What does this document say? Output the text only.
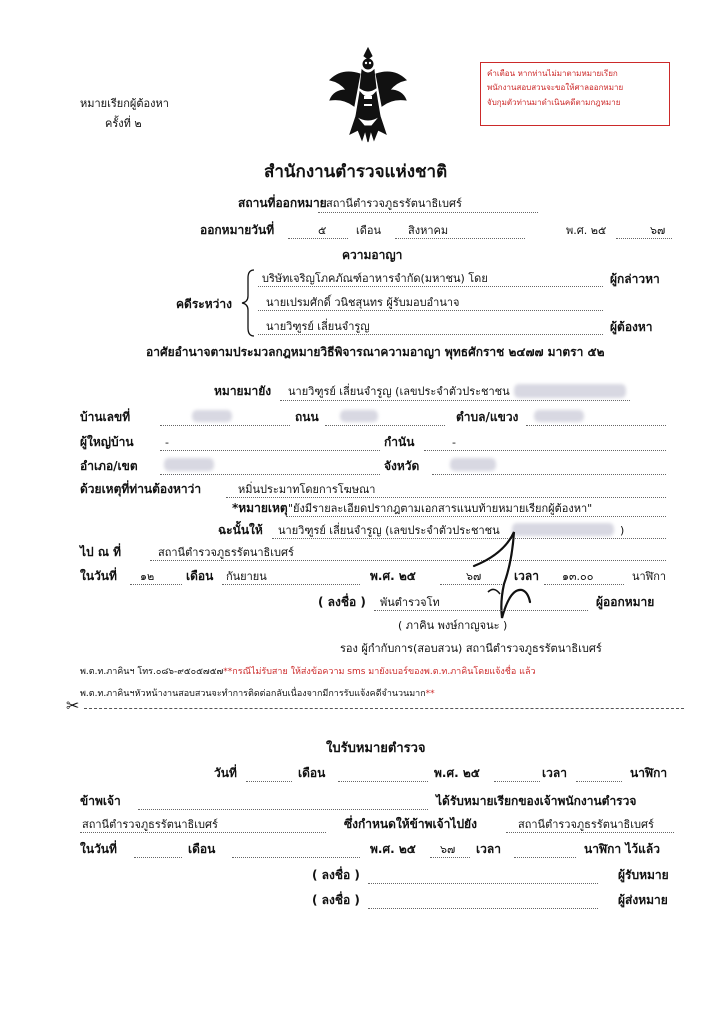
หมายเรียกผู้ต้องหา
ครั้งที่ ๒
คำเตือน หากท่านไม่มาตามหมายเรียก
พนักงานสอบสวนจะขอให้ศาลออกหมาย
จับกุมตัวท่านมาดำเนินคดีตามกฎหมาย
สำนักงานตำรวจแห่งชาติ
สถานที่ออกหมาย สถานีตำรวจภูธรรัตนาธิเบศร์
ออกหมายวันที่	๕	เดือน สิงหาคม	พ.ศ. ๒๕	๖๗
ความอาญา
คดีระหว่าง
บริษัทเจริญโภคภัณฑ์อาหารจำกัด(มหาชน) โดย	ผู้กล่าวหา
นายเปรมศักดิ์ วนิชสุนทร ผู้รับมอบอำนาจ
นายวิฑูรย์ เลี่ยนจำรูญ	ผู้ต้องหา
อาศัยอำนาจตามประมวลกฎหมายวิธีพิจารณาความอาญา พุทธศักราช ๒๔๗๗ มาตรา ๕๒
หมายมายัง นายวิฑูรย์ เลี่ยนจำรูญ (เลขประจำตัวประชาชน
บ้านเลขที่	ถนน	ตำบล/แขวง
ผู้ใหญ่บ้าน	-	กำนัน	-
อำเภอ/เขต	จังหวัด
ด้วยเหตุที่ท่านต้องหาว่า	หมิ่นประมาทโดยการโฆษณา
*หมายเหตุ "ยังมีรายละเอียดปรากฎตามเอกสารแนบท้ายหมายเรียกผู้ต้องหา"
ฉะนั้นให้ นายวิฑูรย์ เลี่ยนจำรูญ (เลขประจำตัวประชาชน	)
ไป ณ ที่	สถานีตำรวจภูธรรัตนาธิเบศร์
ในวันที่ ๑๒	เดือน กันยายน	พ.ศ. ๒๕	๖๗	เวลา ๑๓.๐๐	นาฬิกา
( ลงชื่อ ) พันตำรวจโท	ผู้ออกหมาย
( ภาคิน พงษ์กาญจนะ )
รอง ผู้กำกับการ(สอบสวน) สถานีตำรวจภูธรรัตนาธิเบศร์
พ.ต.ท.ภาคินฯ โทร.๐๘๖-๙๕๐๕๗๕๗**กรณีไม่รับสาย ให้ส่งข้อความ sms มายังเบอร์ของพ.ต.ท.ภาคินโดยแจ้งชื่อ แล้ว
พ.ต.ท.ภาคินฯหัวหน้างานสอบสวนจะทำการติดต่อกลับเนื่องจากมีการรับแจ้งคดีจำนวนมาก**
✂
ใบรับหมายตำรวจ
วันที่	เดือน	พ.ศ. ๒๕	เวลา	นาฬิกา
ข้าพเจ้า	ได้รับหมายเรียกของเจ้าพนักงานตำรวจ
สถานีตำรวจภูธรรัตนาธิเบศร์	ซึ่งกำหนดให้ข้าพเจ้าไปยัง	สถานีตำรวจภูธรรัตนาธิเบศร์
ในวันที่	เดือน	พ.ศ. ๒๕ ๖๗ เวลา	นาฬิกา ไว้แล้ว
( ลงชื่อ )	ผู้รับหมาย
( ลงชื่อ )	ผู้ส่งหมาย
